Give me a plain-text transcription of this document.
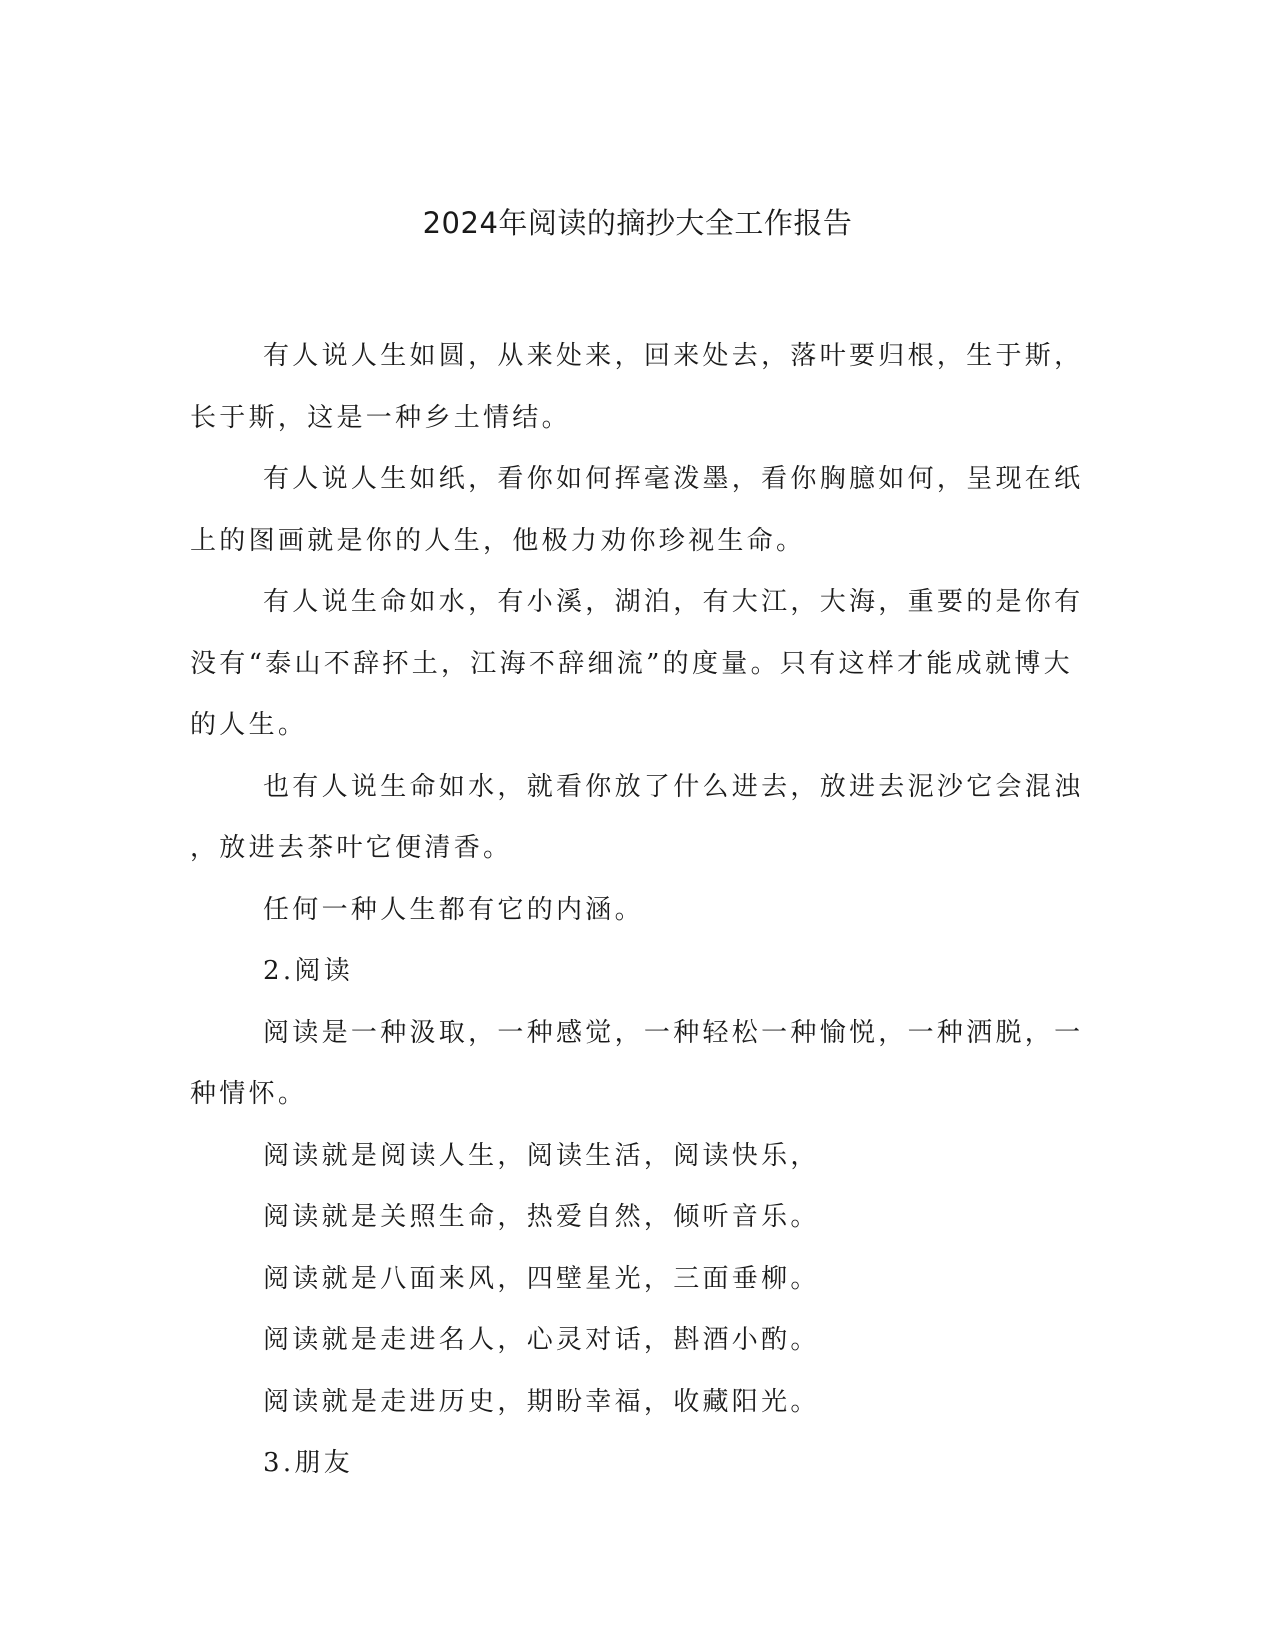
2024年阅读的摘抄大全工作报告
有人说人生如圆，从来处来，回来处去，落叶要归根，生于斯，
长于斯，这是一种乡土情结。
有人说人生如纸，看你如何挥毫泼墨，看你胸臆如何，呈现在纸
上的图画就是你的人生，他极力劝你珍视生命。
有人说生命如水，有小溪，湖泊，有大江，大海，重要的是你有
没有“泰山不辞抔土，江海不辞细流”的度量。只有这样才能成就博大
的人生。
也有人说生命如水，就看你放了什么进去，放进去泥沙它会混浊
，放进去茶叶它便清香。
任何一种人生都有它的内涵。
2.阅读
阅读是一种汲取，一种感觉，一种轻松一种愉悦，一种洒脱，一
种情怀。
阅读就是阅读人生，阅读生活，阅读快乐，
阅读就是关照生命，热爱自然，倾听音乐。
阅读就是八面来风，四壁星光，三面垂柳。
阅读就是走进名人，心灵对话，斟酒小酌。
阅读就是走进历史，期盼幸福，收藏阳光。
3.朋友
